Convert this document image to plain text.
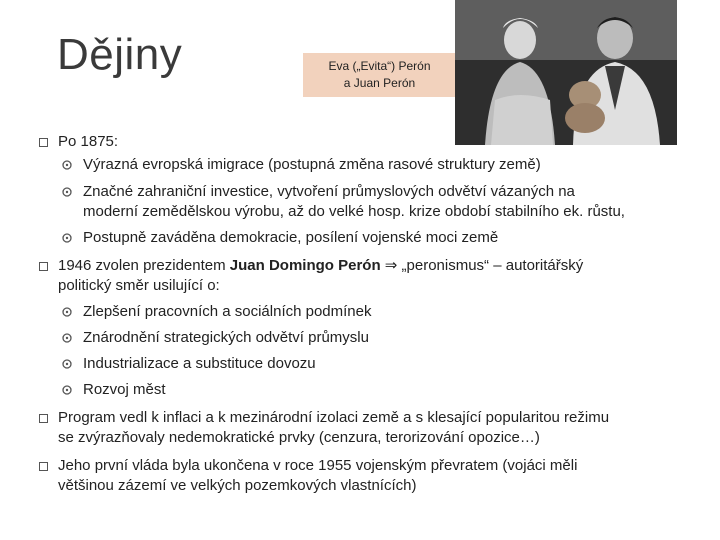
Dějiny	Eva („Evita“) Perón
a Juan Perón
Po 1875:
Výrazná evropská imigrace (postupná změna rasové struktury země)
Značné zahraniční investice, vytvoření průmyslových odvětví vázaných na
moderní zemědělskou výrobu, až do velké hosp. krize období stabilního ek. růstu,
Postupně zaváděna demokracie, posílení vojenské moci země
1946 zvolen prezidentem Juan Domingo Perón ⇒ „peronismus“ – autoritářský
politický směr usilující o:
Zlepšení pracovních a sociálních podmínek
Znárodnění strategických odvětví průmyslu
Industrializace a substituce dovozu
Rozvoj měst
Program vedl k inflaci a k mezinárodní izolaci země a s klesající popularitou režimu
se zvýrazňovaly nedemokratické prvky (cenzura, terorizování opozice…)
Jeho první vláda byla ukončena v roce 1955 vojenským převratem (vojáci měli
většinou zázemí ve velkých pozemkových vlastnících)
